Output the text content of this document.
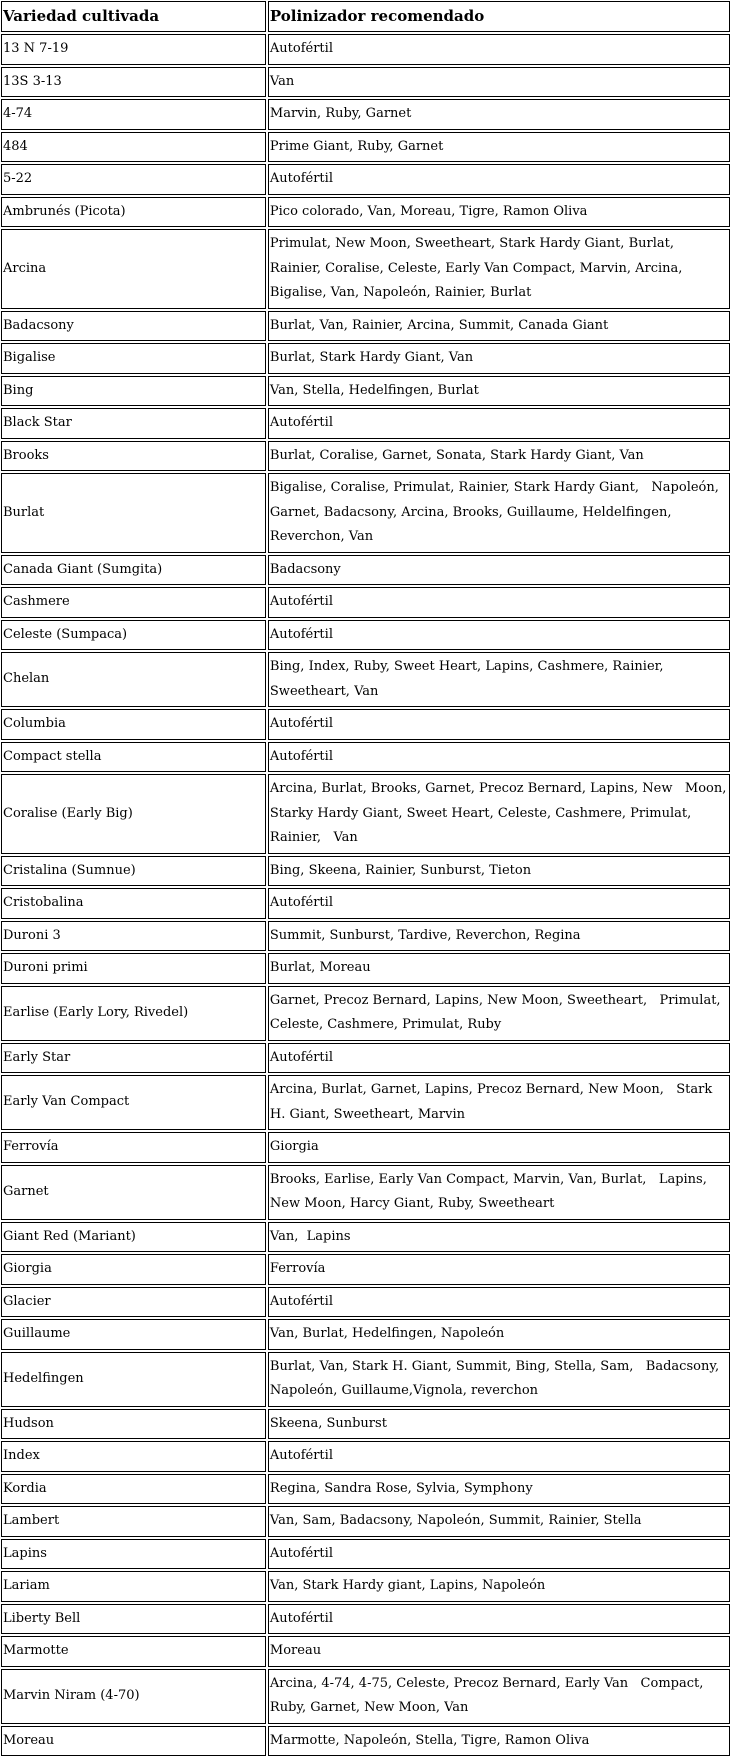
Variedad cultivada	Polinizador recomendado
13 N 7-19	Autofértil
13S 3-13	Van
4-74	Marvin, Ruby, Garnet
484	Prime Giant, Ruby, Garnet
5-22	Autofértil
Ambrunés (Picota)	Pico colorado, Van, Moreau, Tigre, Ramon Oliva
Arcina	Primulat, New Moon, Sweetheart, Stark Hardy Giant, Burlat,   Rainier, Coralise, Celeste, Early Van Compact, Marvin, Arcina, Bigalise, Van, Napoleón, Rainier, Burlat
Badacsony	Burlat, Van, Rainier, Arcina, Summit, Canada Giant
Bigalise	Burlat, Stark Hardy Giant, Van
Bing	Van, Stella, Hedelfingen, Burlat
Black Star	Autofértil
Brooks	Burlat, Coralise, Garnet, Sonata, Stark Hardy Giant, Van
Burlat	Bigalise, Coralise, Primulat, Rainier, Stark Hardy Giant,   Napoleón, Garnet, Badacsony, Arcina, Brooks, Guillaume, Heldelfingen, Reverchon, Van
Canada Giant (Sumgita)	Badacsony
Cashmere	Autofértil
Celeste (Sumpaca)	Autofértil
Chelan	Bing, Index, Ruby, Sweet Heart, Lapins, Cashmere, Rainier, Sweetheart, Van
Columbia	Autofértil
Compact stella	Autofértil
Coralise (Early Big)	Arcina, Burlat, Brooks, Garnet, Precoz Bernard, Lapins, New   Moon, Starky Hardy Giant, Sweet Heart, Celeste, Cashmere, Primulat, Rainier,   Van
Cristalina (Sumnue)	Bing, Skeena, Rainier, Sunburst, Tieton
Cristobalina	Autofértil
Duroni 3	Summit, Sunburst, Tardive, Reverchon, Regina
Duroni primi	Burlat, Moreau
Earlise (Early Lory, Rivedel)	Garnet, Precoz Bernard, Lapins, New Moon, Sweetheart,   Primulat, Celeste, Cashmere, Primulat, Ruby
Early Star	Autofértil
Early Van Compact	Arcina, Burlat, Garnet, Lapins, Precoz Bernard, New Moon,   Stark H. Giant, Sweetheart, Marvin
Ferrovía	Giorgia
Garnet	Brooks, Earlise, Early Van Compact, Marvin, Van, Burlat,   Lapins, New Moon, Harcy Giant, Ruby, Sweetheart
Giant Red (Mariant)	Van,  Lapins
Giorgia	Ferrovía
Glacier	Autofértil
Guillaume	Van, Burlat, Hedelfingen, Napoleón
Hedelfingen	Burlat, Van, Stark H. Giant, Summit, Bing, Stella, Sam,   Badacsony, Napoleón, Guillaume,Vignola, reverchon
Hudson	Skeena, Sunburst
Index	Autofértil
Kordia	Regina, Sandra Rose, Sylvia, Symphony
Lambert	Van, Sam, Badacsony, Napoleón, Summit, Rainier, Stella
Lapins	Autofértil
Lariam	Van, Stark Hardy giant, Lapins, Napoleón
Liberty Bell	Autofértil
Marmotte	Moreau
Marvin Niram (4-70)	Arcina, 4-74, 4-75, Celeste, Precoz Bernard, Early Van   Compact, Ruby, Garnet, New Moon, Van
Moreau	Marmotte, Napoleón, Stella, Tigre, Ramon Oliva
